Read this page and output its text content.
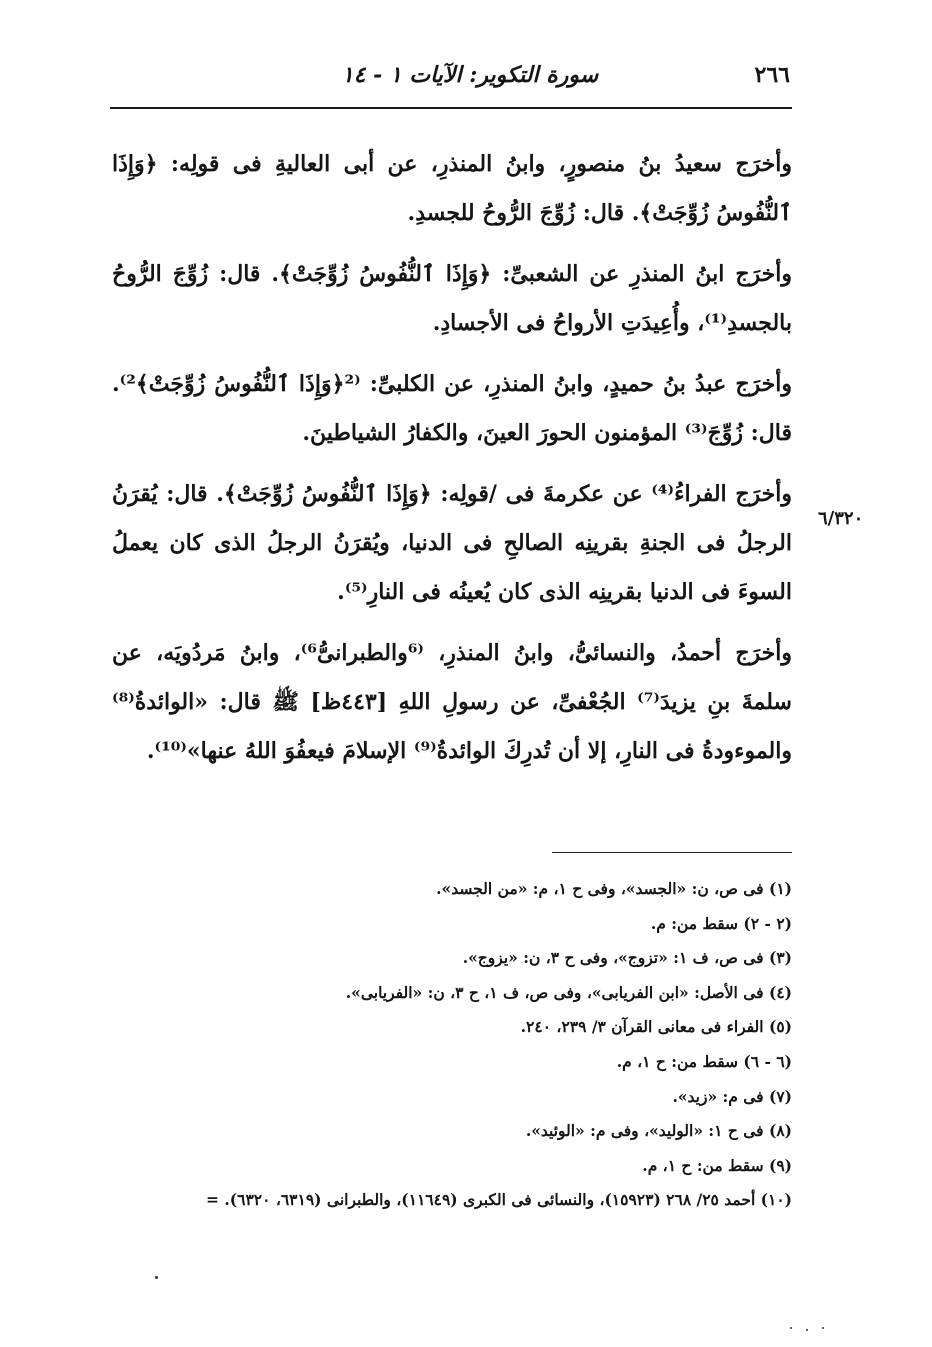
٢٦٦
سورة التكوير: الآيات ١ - ١٤
٦/٣٢٠

وأخرَج سعيدُ بنُ منصورٍ، وابنُ المنذرِ، عن أبى العاليةِ فى قولِه: ﴿وَإِذَا ٱلنُّفُوسُ زُوِّجَتْ﴾. قال: زُوِّجَ الرُّوحُ للجسدِ.

وأخرَج ابنُ المنذرِ عن الشعبىِّ: ﴿وَإِذَا ٱلنُّفُوسُ زُوِّجَتْ﴾. قال: زُوِّجَ الرُّوحُ بالجسدِ⁽¹⁾، وأُعِيدَتِ الأرواحُ فى الأجسادِ.

وأخرَج عبدُ بنُ حميدٍ، وابنُ المنذرِ، عن الكلبىِّ: ⁽²﴿وَإِذَا ٱلنُّفُوسُ زُوِّجَتْ﴾²⁾. قال: زُوِّجَ⁽³⁾ المؤمنون الحورَ العينَ، والكفارُ الشياطينَ.

وأخرَج الفراءُ⁽⁴⁾ عن عكرمةَ فى /قولِه: ﴿وَإِذَا ٱلنُّفُوسُ زُوِّجَتْ﴾. قال: يُقرَنُ الرجلُ فى الجنةِ بقرينِه الصالحِ فى الدنيا، ويُقرَنُ الرجلُ الذى كان يعملُ السوءَ فى الدنيا بقرينِه الذى كان يُعينُه فى النارِ⁽⁵⁾.

وأخرَج أحمدُ، والنسائىُّ، وابنُ المنذرِ، ⁽⁶والطبرانىُّ⁶⁾، وابنُ مَردُويَه، عن سلمةَ بنِ يزيدَ⁽⁷⁾ الجُعْفىِّ، عن رسولِ اللهِ [٤٤٣ظ] ﷺ قال: «الوائدةُ⁽⁸⁾ والموءودةُ فى النارِ، إلا أن تُدرِكَ الوائدةُ⁽⁹⁾ الإسلامَ فيعفُوَ اللهُ عنها»⁽¹⁰⁾.

(١) فى ص، ن: «الجسد»، وفى ح ١، م: «من الجسد».

(٢ - ٢) سقط من: م.

(٣) فى ص، ف ١: «تزوج»، وفى ح ٣، ن: «يزوج».

(٤) فى الأصل: «ابن الفريابى»، وفى ص، ف ١، ح ٣، ن: «الفريابى».

(٥) الفراء فى معانى القرآن ٣/ ٢٣٩، ٢٤٠.

(٦ - ٦) سقط من: ح ١، م.

(٧) فى م: «زيد».

(٨) فى ح ١: «الوليد»، وفى م: «الوئيد».

(٩) سقط من: ح ١، م.

(١٠) أحمد ٢٥/ ٢٦٨ (١٥٩٢٣)، والنسائى فى الكبرى (١١٦٤٩)، والطبرانى (٦٣١٩، ٦٣٢٠). =
